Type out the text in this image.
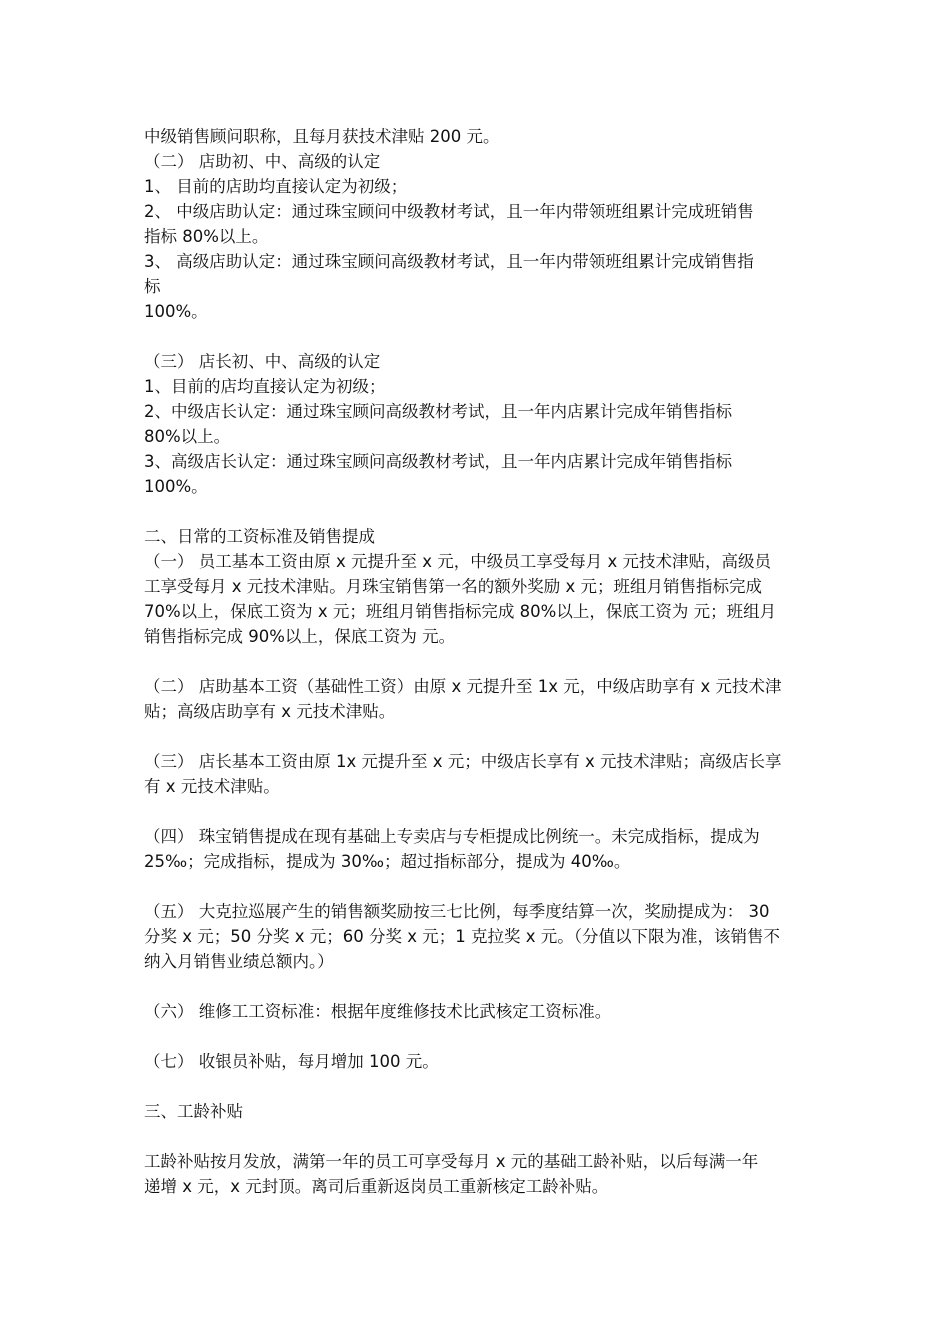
中级销售顾问职称，且每月获技术津贴 200 元。

（二） 店助初、中、高级的认定

1、 目前的店助均直接认定为初级；

2、 中级店助认定：通过珠宝顾问中级教材考试，且一年内带领班组累计完成班销售

指标 80%以上。

3、 高级店助认定：通过珠宝顾问高级教材考试，且一年内带领班组累计完成销售指

标

100%。

（三） 店长初、中、高级的认定

1、目前的店均直接认定为初级；

2、中级店长认定：通过珠宝顾问高级教材考试，且一年内店累计完成年销售指标

80%以上。

3、高级店长认定：通过珠宝顾问高级教材考试，且一年内店累计完成年销售指标

100%。

二、日常的工资标准及销售提成

（一） 员工基本工资由原 x 元提升至 x 元，中级员工享受每月 x 元技术津贴，高级员

工享受每月 x 元技术津贴。月珠宝销售第一名的额外奖励 x 元；班组月销售指标完成

70%以上，保底工资为 x 元；班组月销售指标完成 80%以上，保底工资为 元；班组月

销售指标完成 90%以上，保底工资为 元。

（二） 店助基本工资（基础性工资）由原 x 元提升至 1x 元，中级店助享有 x 元技术津

贴；高级店助享有 x 元技术津贴。

（三） 店长基本工资由原 1x 元提升至 x 元；中级店长享有 x 元技术津贴；高级店长享

有 x 元技术津贴。

（四） 珠宝销售提成在现有基础上专卖店与专柜提成比例统一。未完成指标，提成为

25‰；完成指标，提成为 30‰；超过指标部分，提成为 40‰。

（五） 大克拉巡展产生的销售额奖励按三七比例，每季度结算一次，奖励提成为： 30

分奖 x 元；50 分奖 x 元；60 分奖 x 元；1 克拉奖 x 元。（分值以下限为准，该销售不

纳入月销售业绩总额内。）

（六） 维修工工资标准：根据年度维修技术比武核定工资标准。

（七） 收银员补贴，每月增加 100 元。

三、工龄补贴

工龄补贴按月发放，满第一年的员工可享受每月 x 元的基础工龄补贴，以后每满一年

递增 x 元，x 元封顶。离司后重新返岗员工重新核定工龄补贴。
